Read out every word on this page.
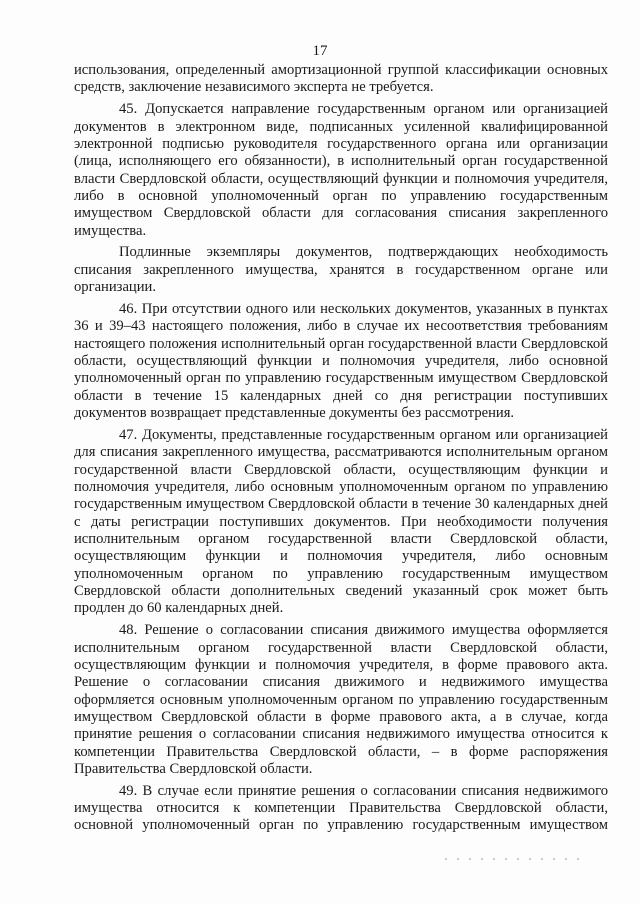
17

использования, определенный амортизационной группой классификации основных средств, заключение независимого эксперта не требуется.

45. Допускается направление государственным органом или организацией документов в электронном виде, подписанных усиленной квалифицированной электронной подписью руководителя государственного органа или организации (лица, исполняющего его обязанности), в исполнительный орган государственной власти Свердловской области, осуществляющий функции и полномочия учредителя, либо в основной уполномоченный орган по управлению государственным имуществом Свердловской области для согласования списания закрепленного имущества.

Подлинные экземпляры документов, подтверждающих необходимость списания закрепленного имущества, хранятся в государственном органе или организации.

46. При отсутствии одного или нескольких документов, указанных в пунктах 36 и 39–43 настоящего положения, либо в случае их несоответствия требованиям настоящего положения исполнительный орган государственной власти Свердловской области, осуществляющий функции и полномочия учредителя, либо основной уполномоченный орган по управлению государственным имуществом Свердловской области в течение 15 календарных дней со дня регистрации поступивших документов возвращает представленные документы без рассмотрения.

47. Документы, представленные государственным органом или организацией для списания закрепленного имущества, рассматриваются исполнительным органом государственной власти Свердловской области, осуществляющим функции и полномочия учредителя, либо основным уполномоченным органом по управлению государственным имуществом Свердловской области в течение 30 календарных дней с даты регистрации поступивших документов. При необходимости получения исполнительным органом государственной власти Свердловской области, осуществляющим функции и полномочия учредителя, либо основным уполномоченным органом по управлению государственным имуществом Свердловской области дополнительных сведений указанный срок может быть продлен до 60 календарных дней.

48. Решение о согласовании списания движимого имущества оформляется исполнительным органом государственной власти Свердловской области, осуществляющим функции и полномочия учредителя, в форме правового акта. Решение о согласовании списания движимого и недвижимого имущества оформляется основным уполномоченным органом по управлению государственным имуществом Свердловской области в форме правового акта, а в случае, когда принятие решения о согласовании списания недвижимого имущества относится к компетенции Правительства Свердловской области, – в форме распоряжения Правительства Свердловской области.

49. В случае если принятие решения о согласовании списания недвижимого имущества относится к компетенции Правительства Свердловской области, основной уполномоченный орган по управлению государственным имуществом
